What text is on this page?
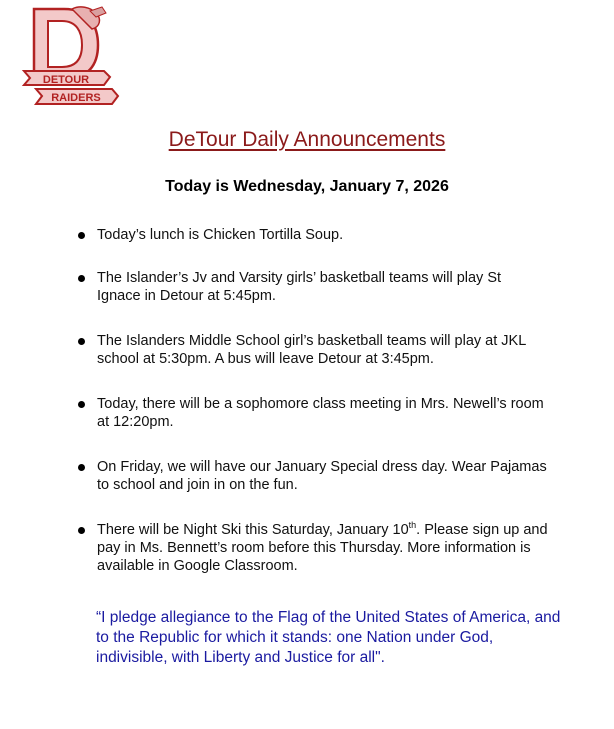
DETOUR
RAIDERS
DeTour Daily Announcements
Today is Wednesday, January 7, 2026
Today’s lunch is Chicken Tortilla Soup.
The Islander’s Jv and Varsity girls’ basketball teams will play St Ignace in Detour at 5:45pm.
The Islanders Middle School girl’s basketball teams will play at JKL school at 5:30pm. A bus will leave Detour at 3:45pm.
Today, there will be a sophomore class meeting in Mrs. Newell’s room at 12:20pm.
On Friday, we will have our January Special dress day. Wear Pajamas to school and join in on the fun.
There will be Night Ski this Saturday, January 10th. Please sign up and pay in Ms. Bennett’s room before this Thursday. More information is available in Google Classroom.
“I pledge allegiance to the Flag of the United States of America, and to the Republic for which it stands: one Nation under God, indivisible, with Liberty and Justice for all".
